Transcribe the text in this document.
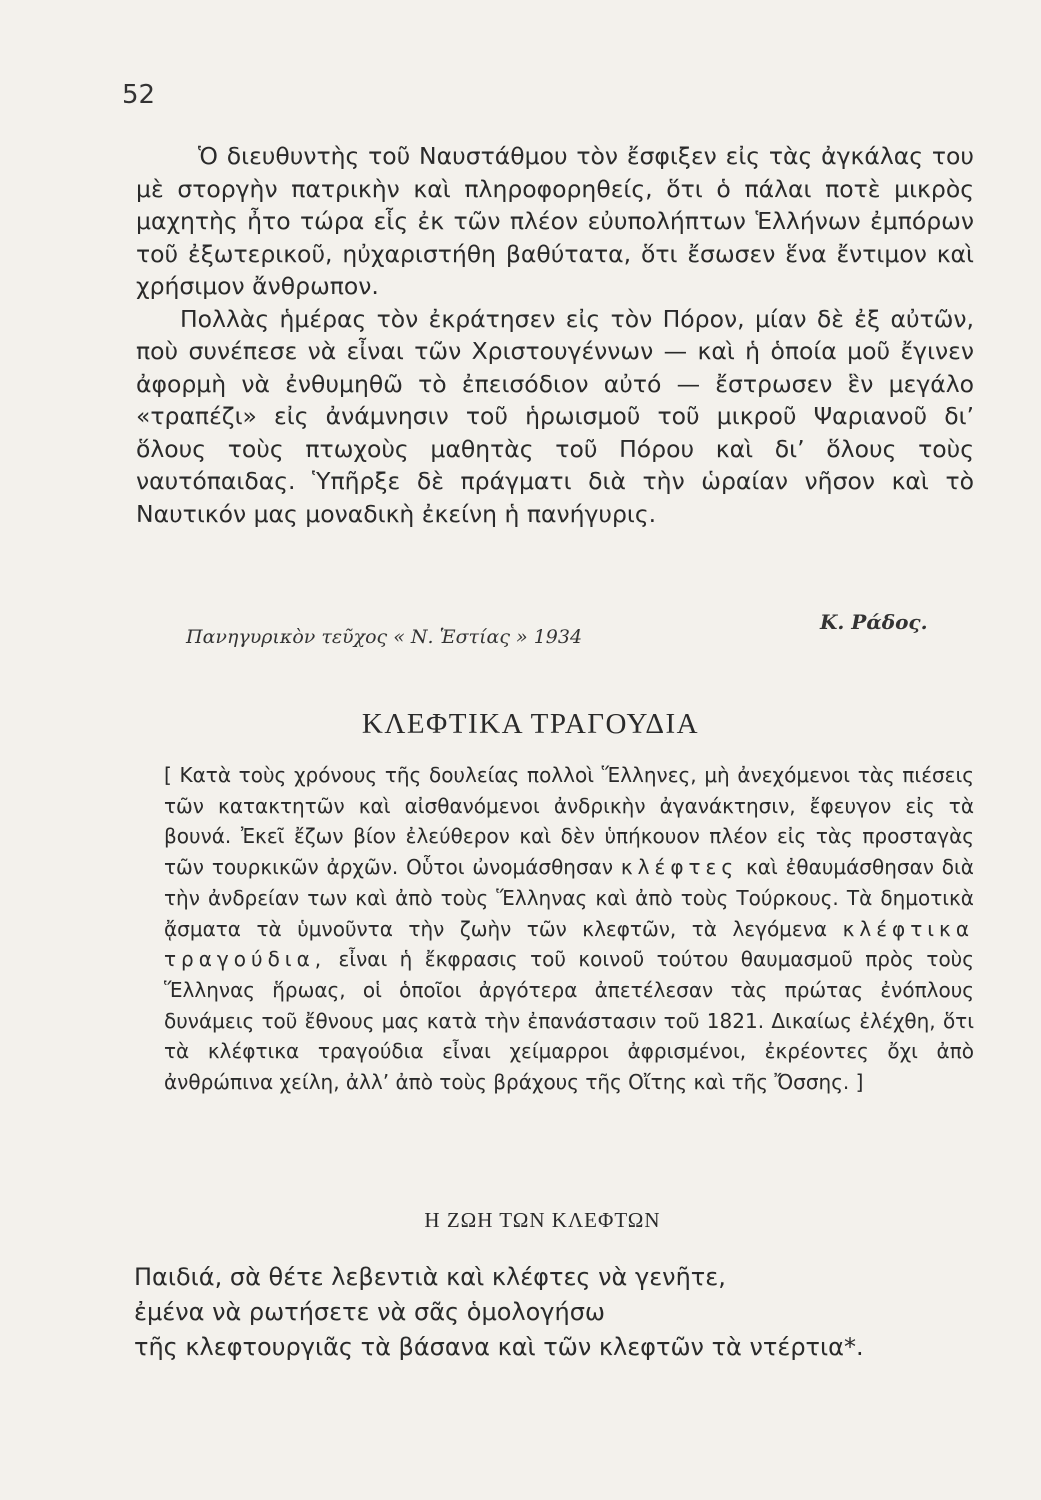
52

Ὁ διευθυντὴς τοῦ Ναυστάθμου τὸν ἔσφιξεν εἰς τὰς ἀγκάλας του μὲ στοργὴν πατρικὴν καὶ πληροφορηθείς, ὅτι ὁ πάλαι ποτὲ μικρὸς μαχητὴς ἦτο τώρα εἷς ἐκ τῶν πλέον εὐυπολήπτων Ἑλλήνων ἐμπόρων τοῦ ἐξωτερικοῦ, ηὐχαριστήθη βαθύτατα, ὅτι ἔσωσεν ἕνα ἔντιμον καὶ χρήσιμον ἄνθρωπον.

Πολλὰς ἡμέρας τὸν ἐκράτησεν εἰς τὸν Πόρον, μίαν δὲ ἐξ αὐτῶν, ποὺ συνέπεσε νὰ εἶναι τῶν Χριστουγέννων — καὶ ἡ ὁποία μοῦ ἔγινεν ἀφορμὴ νὰ ἐνθυμηθῶ τὸ ἐπεισόδιον αὐτό — ἔστρωσεν ἓν μεγάλο «τραπέζι» εἰς ἀνάμνησιν τοῦ ἡρωισμοῦ τοῦ μικροῦ Ψαριανοῦ δι’ ὅλους τοὺς πτωχοὺς μαθητὰς τοῦ Πόρου καὶ δι’ ὅλους τοὺς ναυτόπαιδας. Ὑπῆρξε δὲ πράγματι διὰ τὴν ὡραίαν νῆσον καὶ τὸ Ναυτικόν μας μοναδικὴ ἐκείνη ἡ πανήγυρις.

Κ. Ράδος.
Πανηγυρικὸν τεῦχος « Ν. Ἑστίας » 1934
ΚΛΕΦΤΙΚΑ ΤΡΑΓΟΥΔΙΑ
[ Κατὰ τοὺς χρόνους τῆς δουλείας πολλοὶ Ἕλληνες, μὴ ἀνεχόμενοι τὰς πιέσεις τῶν κατακτητῶν καὶ αἰσθανόμενοι ἀνδρικὴν ἀγανάκτησιν, ἔφευγον εἰς τὰ βουνά. Ἐκεῖ ἔζων βίον ἐλεύθερον καὶ δὲν ὑπήκουον πλέον εἰς τὰς προσταγὰς τῶν τουρκικῶν ἀρχῶν. Οὗτοι ὠνομάσθησαν κλέφτες καὶ ἐθαυμάσθησαν διὰ τὴν ἀνδρείαν των καὶ ἀπὸ τοὺς Ἕλληνας καὶ ἀπὸ τοὺς Τούρκους. Τὰ δημοτικὰ ᾄσματα τὰ ὑμνοῦντα τὴν ζωὴν τῶν κλεφτῶν, τὰ λεγόμενα κλέφτικα τραγούδια, εἶναι ἡ ἔκφρασις τοῦ κοινοῦ τούτου θαυμασμοῦ πρὸς τοὺς Ἕλληνας ἥρωας, οἱ ὁποῖοι ἀργότερα ἀπετέλεσαν τὰς πρώτας ἐνόπλους δυνάμεις τοῦ ἔθνους μας κατὰ τὴν ἐπανάστασιν τοῦ 1821. Δικαίως ἐλέχθη, ὅτι τὰ κλέφτικα τραγούδια εἶναι χείμαρροι ἀφρισμένοι, ἐκρέοντες ὄχι ἀπὸ ἀνθρώπινα χείλη, ἀλλ’ ἀπὸ τοὺς βράχους τῆς Οἴτης καὶ τῆς Ὄσσης. ]
Η ΖΩΗ ΤΩΝ ΚΛΕΦΤΩΝ
Παιδιά, σὰ θέτε λεβεντιὰ καὶ κλέφτες νὰ γενῆτε,
ἐμένα νὰ ρωτήσετε νὰ σᾶς ὁμολογήσω
τῆς κλεφτουργιᾶς τὰ βάσανα καὶ τῶν κλεφτῶν τὰ ντέρτια*.
